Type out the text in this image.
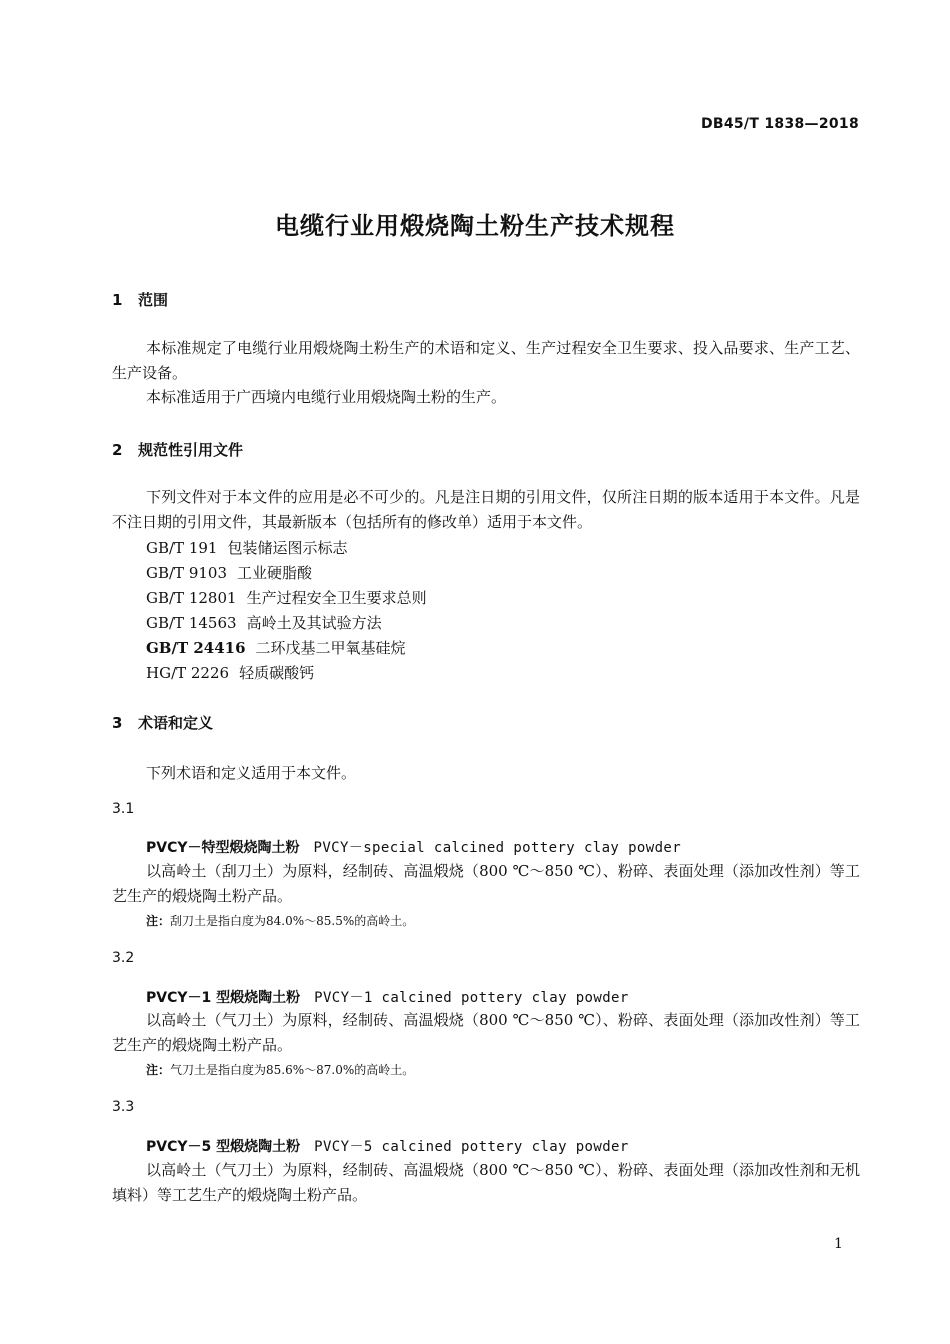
DB45/T 1838—2018
电缆行业用煅烧陶土粉生产技术规程
1 范围
本标准规定了电缆行业用煅烧陶土粉生产的术语和定义、生产过程安全卫生要求、投入品要求、生产工艺、生产设备。
本标准适用于广西境内电缆行业用煅烧陶土粉的生产。
2 规范性引用文件
下列文件对于本文件的应用是必不可少的。凡是注日期的引用文件，仅所注日期的版本适用于本文件。凡是不注日期的引用文件，其最新版本（包括所有的修改单）适用于本文件。
GB/T 191 包装储运图示标志
GB/T 9103 工业硬脂酸
GB/T 12801 生产过程安全卫生要求总则
GB/T 14563 高岭土及其试验方法
GB/T 24416 二环戊基二甲氧基硅烷
HG/T 2226 轻质碳酸钙
3 术语和定义
下列术语和定义适用于本文件。
3.1
PVCY－特型煅烧陶土粉 PVCY－special calcined pottery clay powder
以高岭土（刮刀土）为原料，经制砖、高温煅烧（800 ℃～850 ℃）、粉碎、表面处理（添加改性剂）等工艺生产的煅烧陶土粉产品。
注：刮刀土是指白度为84.0%～85.5%的高岭土。
3.2
PVCY－1 型煅烧陶土粉 PVCY－1 calcined pottery clay powder
以高岭土（气刀土）为原料，经制砖、高温煅烧（800 ℃～850 ℃）、粉碎、表面处理（添加改性剂）等工艺生产的煅烧陶土粉产品。
注：气刀土是指白度为85.6%～87.0%的高岭土。
3.3
PVCY－5 型煅烧陶土粉 PVCY－5 calcined pottery clay powder
以高岭土（气刀土）为原料，经制砖、高温煅烧（800 ℃～850 ℃）、粉碎、表面处理（添加改性剂和无机填料）等工艺生产的煅烧陶土粉产品。
1
